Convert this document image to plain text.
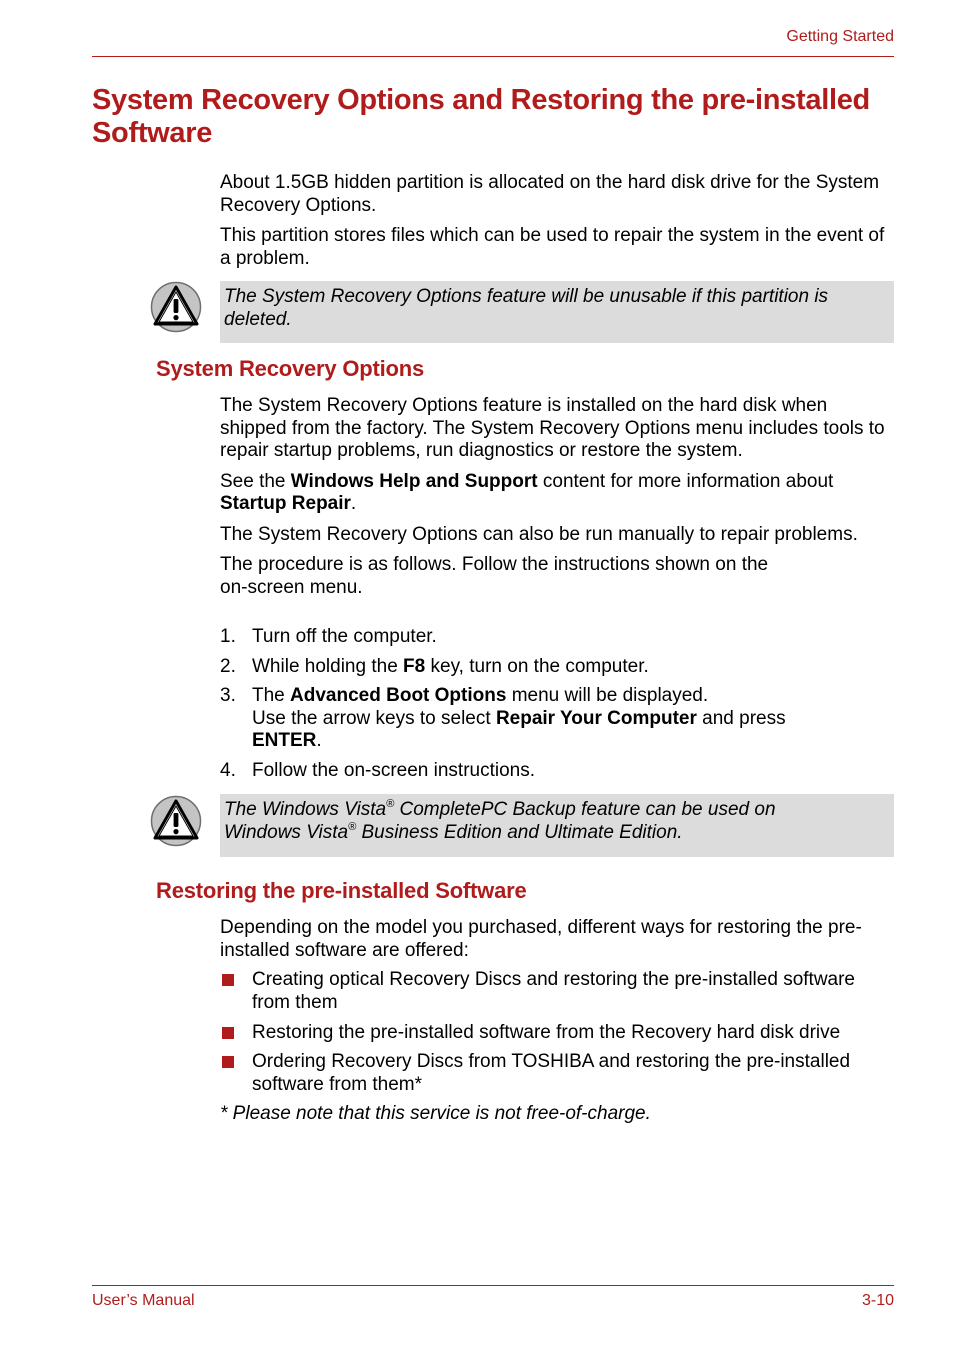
Getting Started
System Recovery Options and Restoring the pre-installed Software

About 1.5GB hidden partition is allocated on the hard disk drive for the System Recovery Options.

This partition stores files which can be used to repair the system in the event of a problem.

The System Recovery Options feature will be unusable if this partition is deleted.
System Recovery Options

The System Recovery Options feature is installed on the hard disk when shipped from the factory. The System Recovery Options menu includes tools to repair startup problems, run diagnostics or restore the system.

See the Windows Help and Support content for more information about Startup Repair.

The System Recovery Options can also be run manually to repair problems.

The procedure is as follows. Follow the instructions shown on the
on-screen menu.

1. Turn off the computer.
2. While holding the F8 key, turn on the computer.
3. The Advanced Boot Options menu will be displayed.
Use the arrow keys to select Repair Your Computer and press
ENTER.
4. Follow the on-screen instructions.
The Windows Vista® CompletePC Backup feature can be used on
Windows Vista® Business Edition and Ultimate Edition.
Restoring the pre-installed Software

Depending on the model you purchased, different ways for restoring the pre-installed software are offered:

Creating optical Recovery Discs and restoring the pre-installed software from them
Restoring the pre-installed software from the Recovery hard disk drive
Ordering Recovery Discs from TOSHIBA and restoring the pre-installed software from them*
* Please note that this service is not free-of-charge.
User’s Manual	3-10
